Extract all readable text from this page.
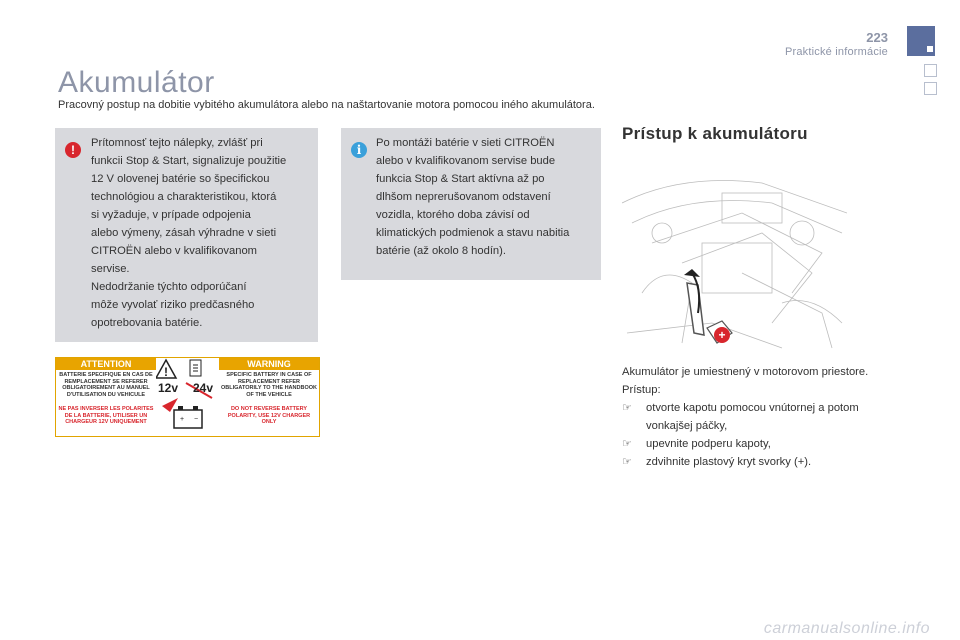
223
Praktické informácie
Akumulátor
Pracovný postup na dobitie vybitého akumulátora alebo na naštartovanie motora pomocou iného akumulátora.
!	Prítomnosť tejto nálepky, zvlášť pri
funkcii Stop & Start, signalizuje použitie
12 V olovenej batérie so špecifickou
technológiou a charakteristikou, ktorá
si vyžaduje, v prípade odpojenia
alebo výmeny, zásah výhradne v sieti
CITROËN alebo v kvalifikovanom
servise.
Nedodržanie týchto odporúčaní
môže vyvolať riziko predčasného
opotrebovania batérie.
i	Po montáži batérie v sieti CITROËN
alebo v kvalifikovanom servise bude
funkcia Stop & Start aktívna až po
dlhšom neprerušovanom odstavení
vozidla, ktorého doba závisí od
klimatických podmienok a stavu nabitia
batérie (až okolo 8 hodín).
ATTENTION	WARNING
BATTERIE SPECIFIQUE EN CAS DE REMPLACEMENT SE REFERER OBLIGATOIREMENT AU MANUEL D'UTILISATION DU VEHICULE
NE PAS INVERSER LES POLARITES DE LA BATTERIE, UTILISER UN CHARGEUR 12V UNIQUEMENT
SPECIFIC BATTERY IN CASE OF REPLACEMENT REFER OBLIGATORILY TO THE HANDBOOK OF THE VEHICLE
DO NOT REVERSE BATTERY POLARITY, USE 12V CHARGER ONLY
!
+ −
12v	24v
Prístup k akumulátoru
+
Akumulátor je umiestnený v motorovom priestore.
Prístup:
☞ otvorte kapotu pomocou vnútornej a potom vonkajšej páčky,
☞ upevnite podperu kapoty,
☞ zdvihnite plastový kryt svorky (+).
carmanualsonline.info
